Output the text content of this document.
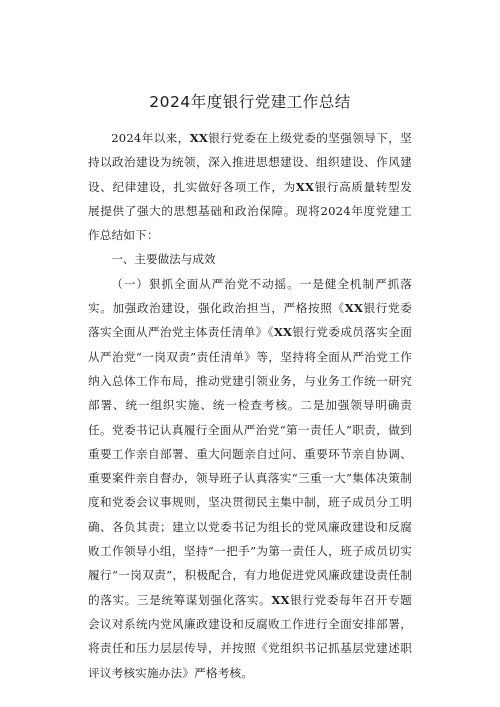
2024年度银行党建工作总结

2024年以来，XX银行党委在上级党委的坚强领导下，坚持以政治建设为统领，深入推进思想建设、组织建设、作风建设、纪律建设，扎实做好各项工作，为XX银行高质量转型发展提供了强大的思想基础和政治保障。现将2024年度党建工作总结如下：

一、主要做法与成效

（一）狠抓全面从严治党不动摇。一是健全机制严抓落实。加强政治建设，强化政治担当，严格按照《XX银行党委落实全面从严治党主体责任清单》《XX银行党委成员落实全面从严治党“一岗双责”责任清单》等，坚持将全面从严治党工作纳入总体工作布局，推动党建引领业务，与业务工作统一研究部署、统一组织实施、统一检查考核。二是加强领导明确责任。党委书记认真履行全面从严治党“第一责任人”职责，做到重要工作亲自部署、重大问题亲自过问、重要环节亲自协调、重要案件亲自督办，领导班子认真落实“三重一大”集体决策制度和党委会议事规则，坚决贯彻民主集中制，班子成员分工明确、各负其责；建立以党委书记为组长的党风廉政建设和反腐败工作领导小组，坚持“一把手”为第一责任人，班子成员切实履行“一岗双责”，积极配合，有力地促进党风廉政建设责任制的落实。三是统筹谋划强化落实。XX银行党委每年召开专题会议对系统内党风廉政建设和反腐败工作进行全面安排部署，将责任和压力层层传导，并按照《党组织书记抓基层党建述职评议考核实施办法》严格考核。
